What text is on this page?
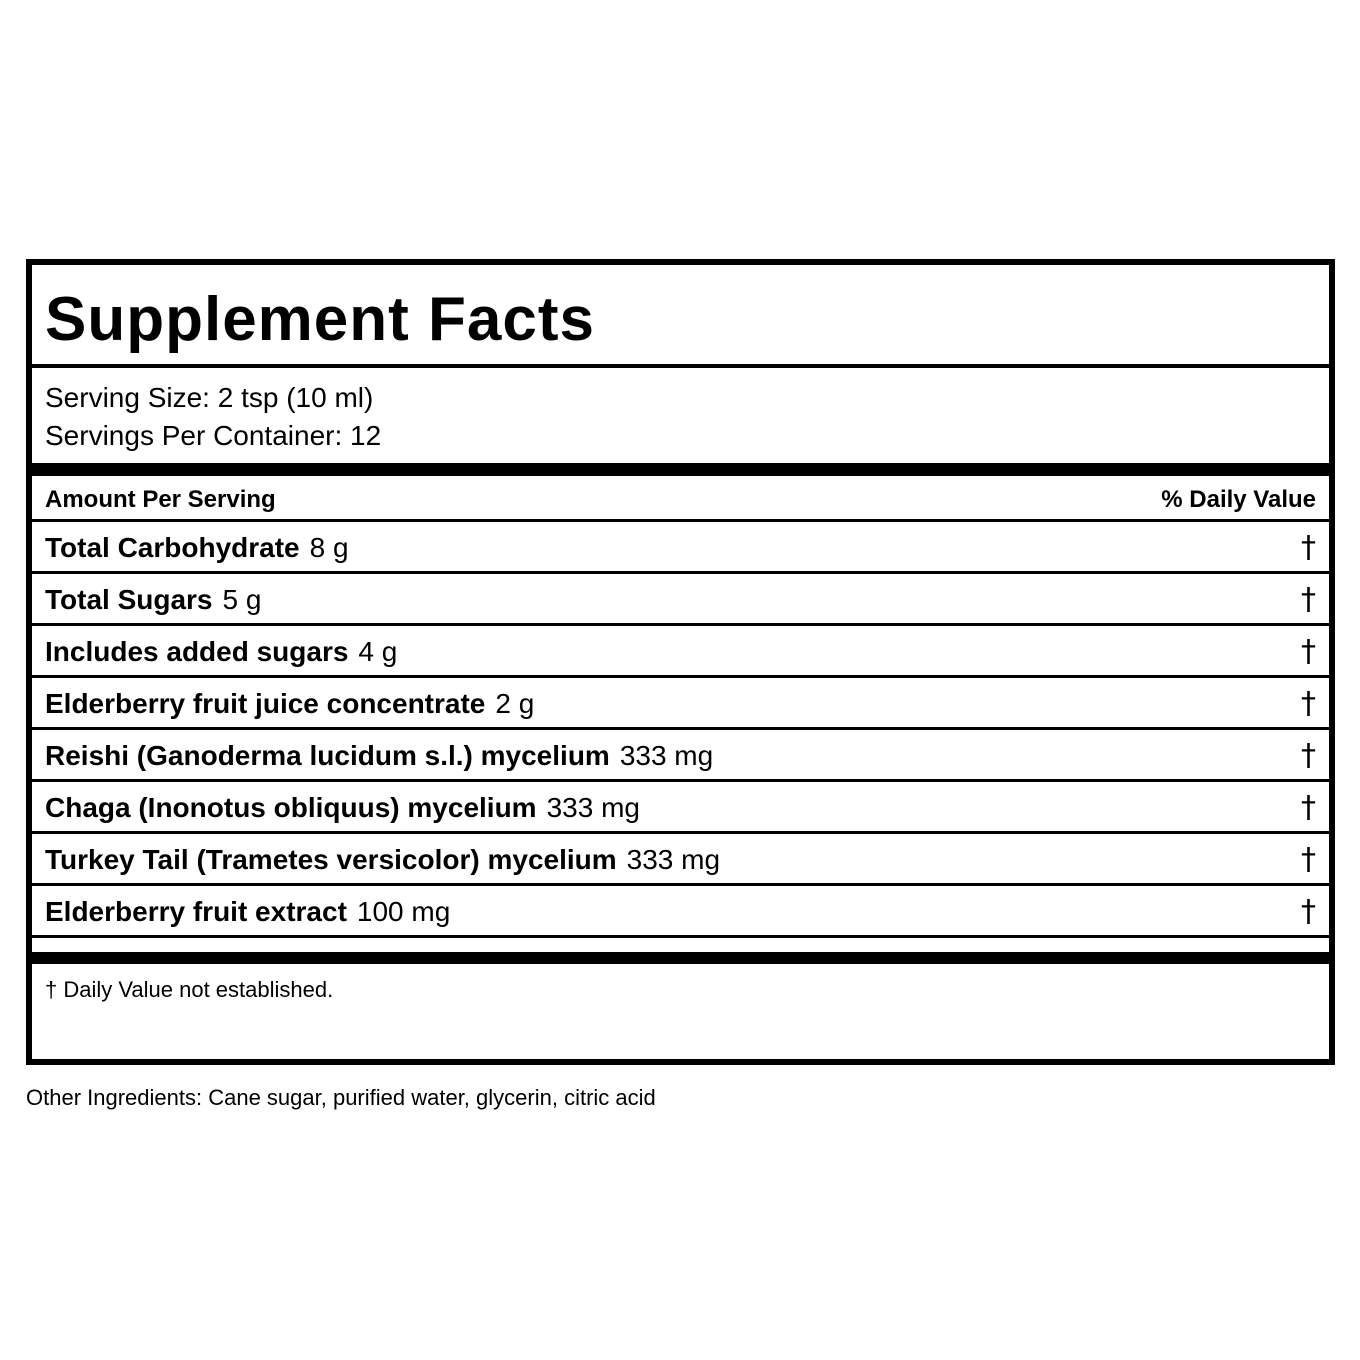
Supplement Facts
Serving Size: 2 tsp (10 ml)
Servings Per Container: 12
Amount Per Serving	% Daily Value
Total Carbohydrate 8 g	†
Total Sugars 5 g	†
Includes added sugars 4 g	†
Elderberry fruit juice concentrate 2 g	†
Reishi (Ganoderma lucidum s.l.) mycelium 333 mg	†
Chaga (Inonotus obliquus) mycelium 333 mg	†
Turkey Tail (Trametes versicolor) mycelium 333 mg	†
Elderberry fruit extract 100 mg	†
† Daily Value not established.
Other Ingredients: Cane sugar, purified water, glycerin, citric acid
